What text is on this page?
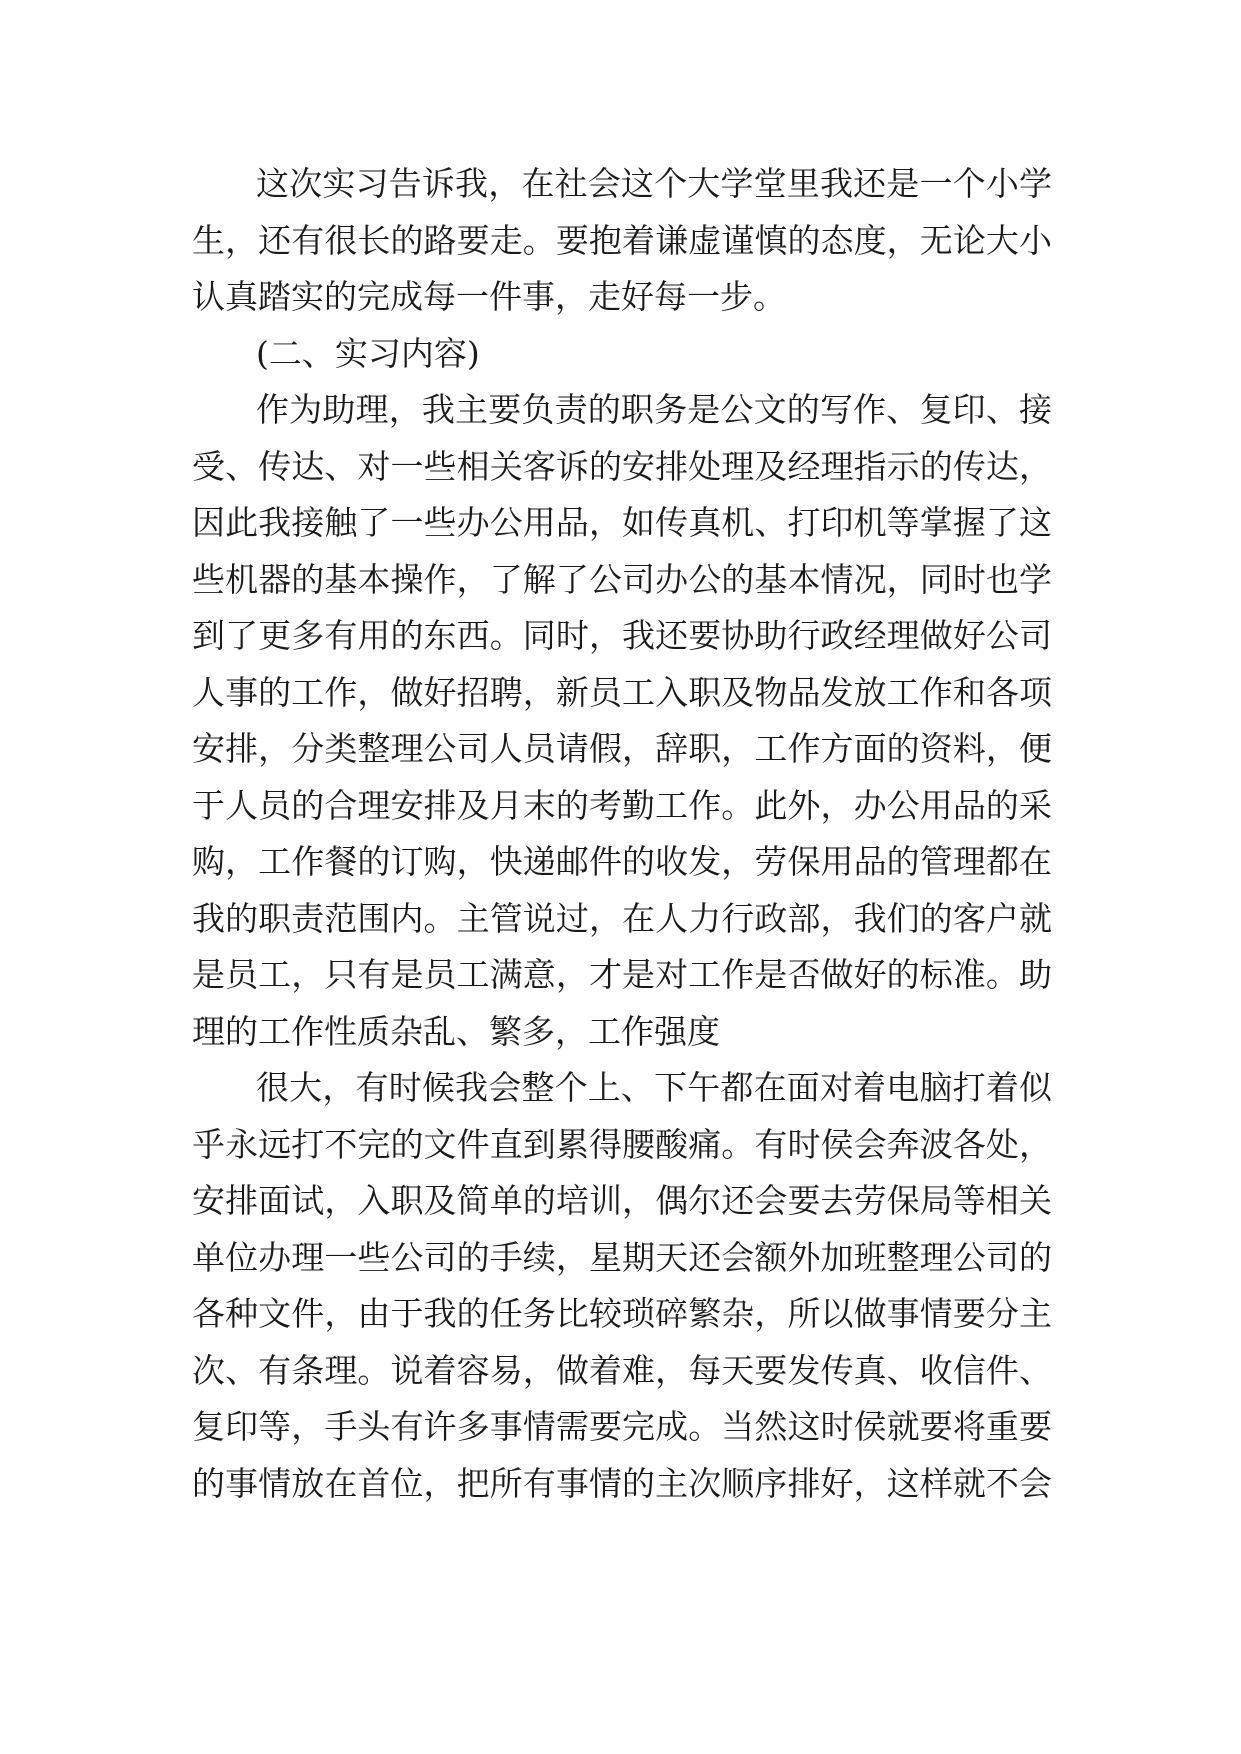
这次实习告诉我，在社会这个大学堂里我还是一个小学
生，还有很长的路要走。要抱着谦虚谨慎的态度，无论大小
认真踏实的完成每一件事，走好每一步。
(二、实习内容)
作为助理，我主要负责的职务是公文的写作、复印、接
受、传达、对一些相关客诉的安排处理及经理指示的传达，
因此我接触了一些办公用品，如传真机、打印机等掌握了这
些机器的基本操作，了解了公司办公的基本情况，同时也学
到了更多有用的东西。同时，我还要协助行政经理做好公司
人事的工作，做好招聘，新员工入职及物品发放工作和各项
安排，分类整理公司人员请假，辞职，工作方面的资料，便
于人员的合理安排及月末的考勤工作。此外，办公用品的采
购，工作餐的订购，快递邮件的收发，劳保用品的管理都在
我的职责范围内。主管说过，在人力行政部，我们的客户就
是员工，只有是员工满意，才是对工作是否做好的标准。助
理的工作性质杂乱、繁多，工作强度
很大，有时候我会整个上、下午都在面对着电脑打着似
乎永远打不完的文件直到累得腰酸痛。有时侯会奔波各处，
安排面试，入职及简单的培训，偶尔还会要去劳保局等相关
单位办理一些公司的手续，星期天还会额外加班整理公司的
各种文件，由于我的任务比较琐碎繁杂，所以做事情要分主
次、有条理。说着容易，做着难，每天要发传真、收信件、
复印等，手头有许多事情需要完成。当然这时侯就要将重要
的事情放在首位，把所有事情的主次顺序排好，这样就不会
